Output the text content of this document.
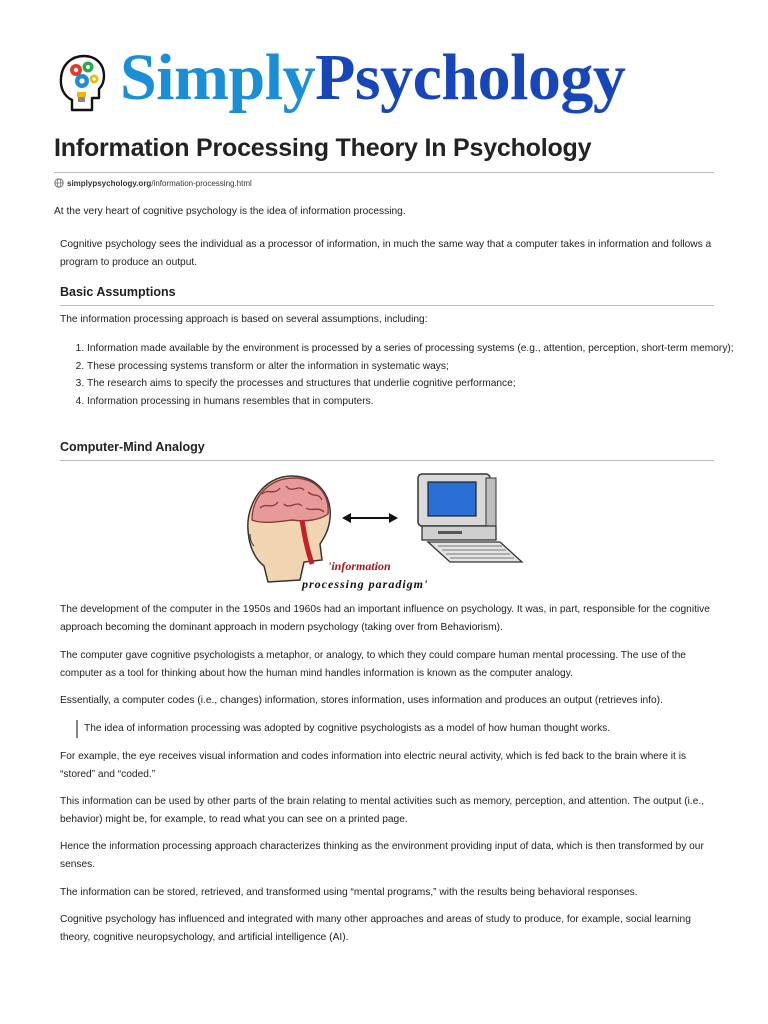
SimplyPsychology
Information Processing Theory In Psychology
simplypsychology.org /information-processing.html

At the very heart of cognitive psychology is the idea of information processing.

Cognitive psychology sees the individual as a processor of information, in much the same way that a computer takes in information and follows a program to produce an output.

Basic Assumptions

The information processing approach is based on several assumptions, including:

1. Information made available by the environment is processed by a series of processing systems (e.g., attention, perception, short-term memory);
2. These processing systems transform or alter the information in systematic ways;
3. The research aims to specify the processes and structures that underlie cognitive performance;
4. Information processing in humans resembles that in computers.
Computer-Mind Analogy
'information
processing paradigm'

The development of the computer in the 1950s and 1960s had an important influence on psychology. It was, in part, responsible for the cognitive approach becoming the dominant approach in modern psychology (taking over from Behaviorism).

The computer gave cognitive psychologists a metaphor, or analogy, to which they could compare human mental processing. The use of the computer as a tool for thinking about how the human mind handles information is known as the computer analogy.

Essentially, a computer codes (i.e., changes) information, stores information, uses information and produces an output (retrieves info).

The idea of information processing was adopted by cognitive psychologists as a model of how human thought works.

For example, the eye receives visual information and codes information into electric neural activity, which is fed back to the brain where it is “stored” and “coded.”

This information can be used by other parts of the brain relating to mental activities such as memory, perception, and attention. The output (i.e., behavior) might be, for example, to read what you can see on a printed page.

Hence the information processing approach characterizes thinking as the environment providing input of data, which is then transformed by our senses.

The information can be stored, retrieved, and transformed using “mental programs,” with the results being behavioral responses.

Cognitive psychology has influenced and integrated with many other approaches and areas of study to produce, for example, social learning theory, cognitive neuropsychology, and artificial intelligence (AI).
